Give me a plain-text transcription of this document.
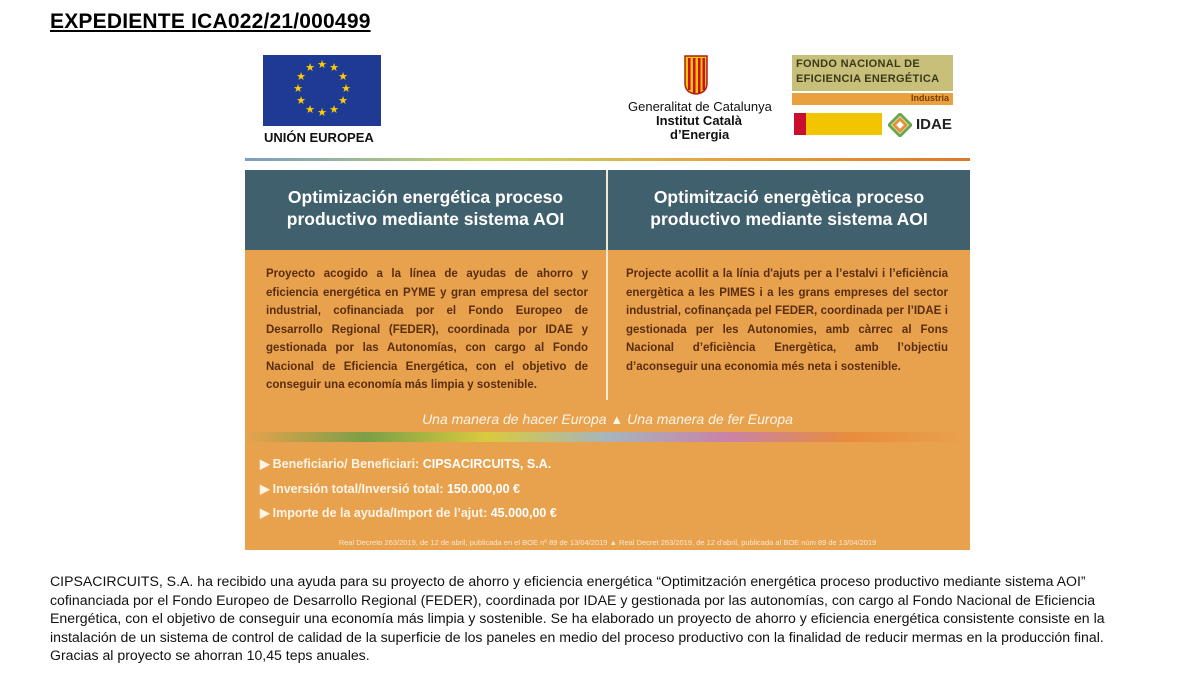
EXPEDIENTE ICA022/21/000499
★ ★
★
★
★
★
★
★
★
★
★
★
UNIÓN EUROPEA
Generalitat de Catalunya
Institut Català
d’Energia
FONDO NACIONAL DE
EFICIENCIA ENERGÉTICA
Industria
IDAE
Optimización energética proceso productivo mediante sistema AOI
Optimització energètica proceso productivo mediante sistema AOI
Proyecto acogido a la línea de ayudas de ahorro y eficiencia energética en PYME y gran empresa del sector industrial, cofinanciada por el Fondo Europeo de Desarrollo Regional (FEDER), coordinada por IDAE y gestionada por las Autonomías, con cargo al Fondo Nacional de Eficiencia Energética, con el objetivo de conseguir una economía más limpia y sostenible.
Projecte acollit a la línia d'ajuts per a l’estalvi i l’eficiència energètica a les PIMES i a les grans empreses del sector industrial, cofinançada pel FEDER, coordinada per l’IDAE i gestionada per les Autonomies, amb càrrec al Fons Nacional d’eficiència Energètica, amb l’objectiu d’aconseguir una economia més neta i sostenible.
Una manera de hacer Europa ▲ Una manera de fer Europa
▶ Beneficiario/ Beneficiari: CIPSACIRCUITS, S.A.
▶ Inversión total/Inversió total: 150.000,00 €
▶ Importe de la ayuda/Import de l’ajut: 45.000,00 €
Real Decreto 263/2019, de 12 de abril, publicada en el BOE nº 89 de 13/04/2019 ▲ Real Decret 263/2019, de 12 d’abril, publicada al BOE núm 89 de 13/04/2019
CIPSACIRCUITS, S.A. ha recibido una ayuda para su proyecto de ahorro y eficiencia energética “Optimitzación energética proceso productivo mediante sistema AOI” cofinanciada por el Fondo Europeo de Desarrollo Regional (FEDER), coordinada por IDAE y gestionada por las autonomías, con cargo al Fondo Nacional de Eficiencia Energética, con el objetivo de conseguir una economía más limpia y sostenible. Se ha elaborado un proyecto de ahorro y eficiencia energética consistente consiste en la instalación de un sistema de control de calidad de la superficie de los paneles en medio del proceso productivo con la finalidad de reducir mermas en la producción final. Gracias al proyecto se ahorran 10,45 teps anuales.
